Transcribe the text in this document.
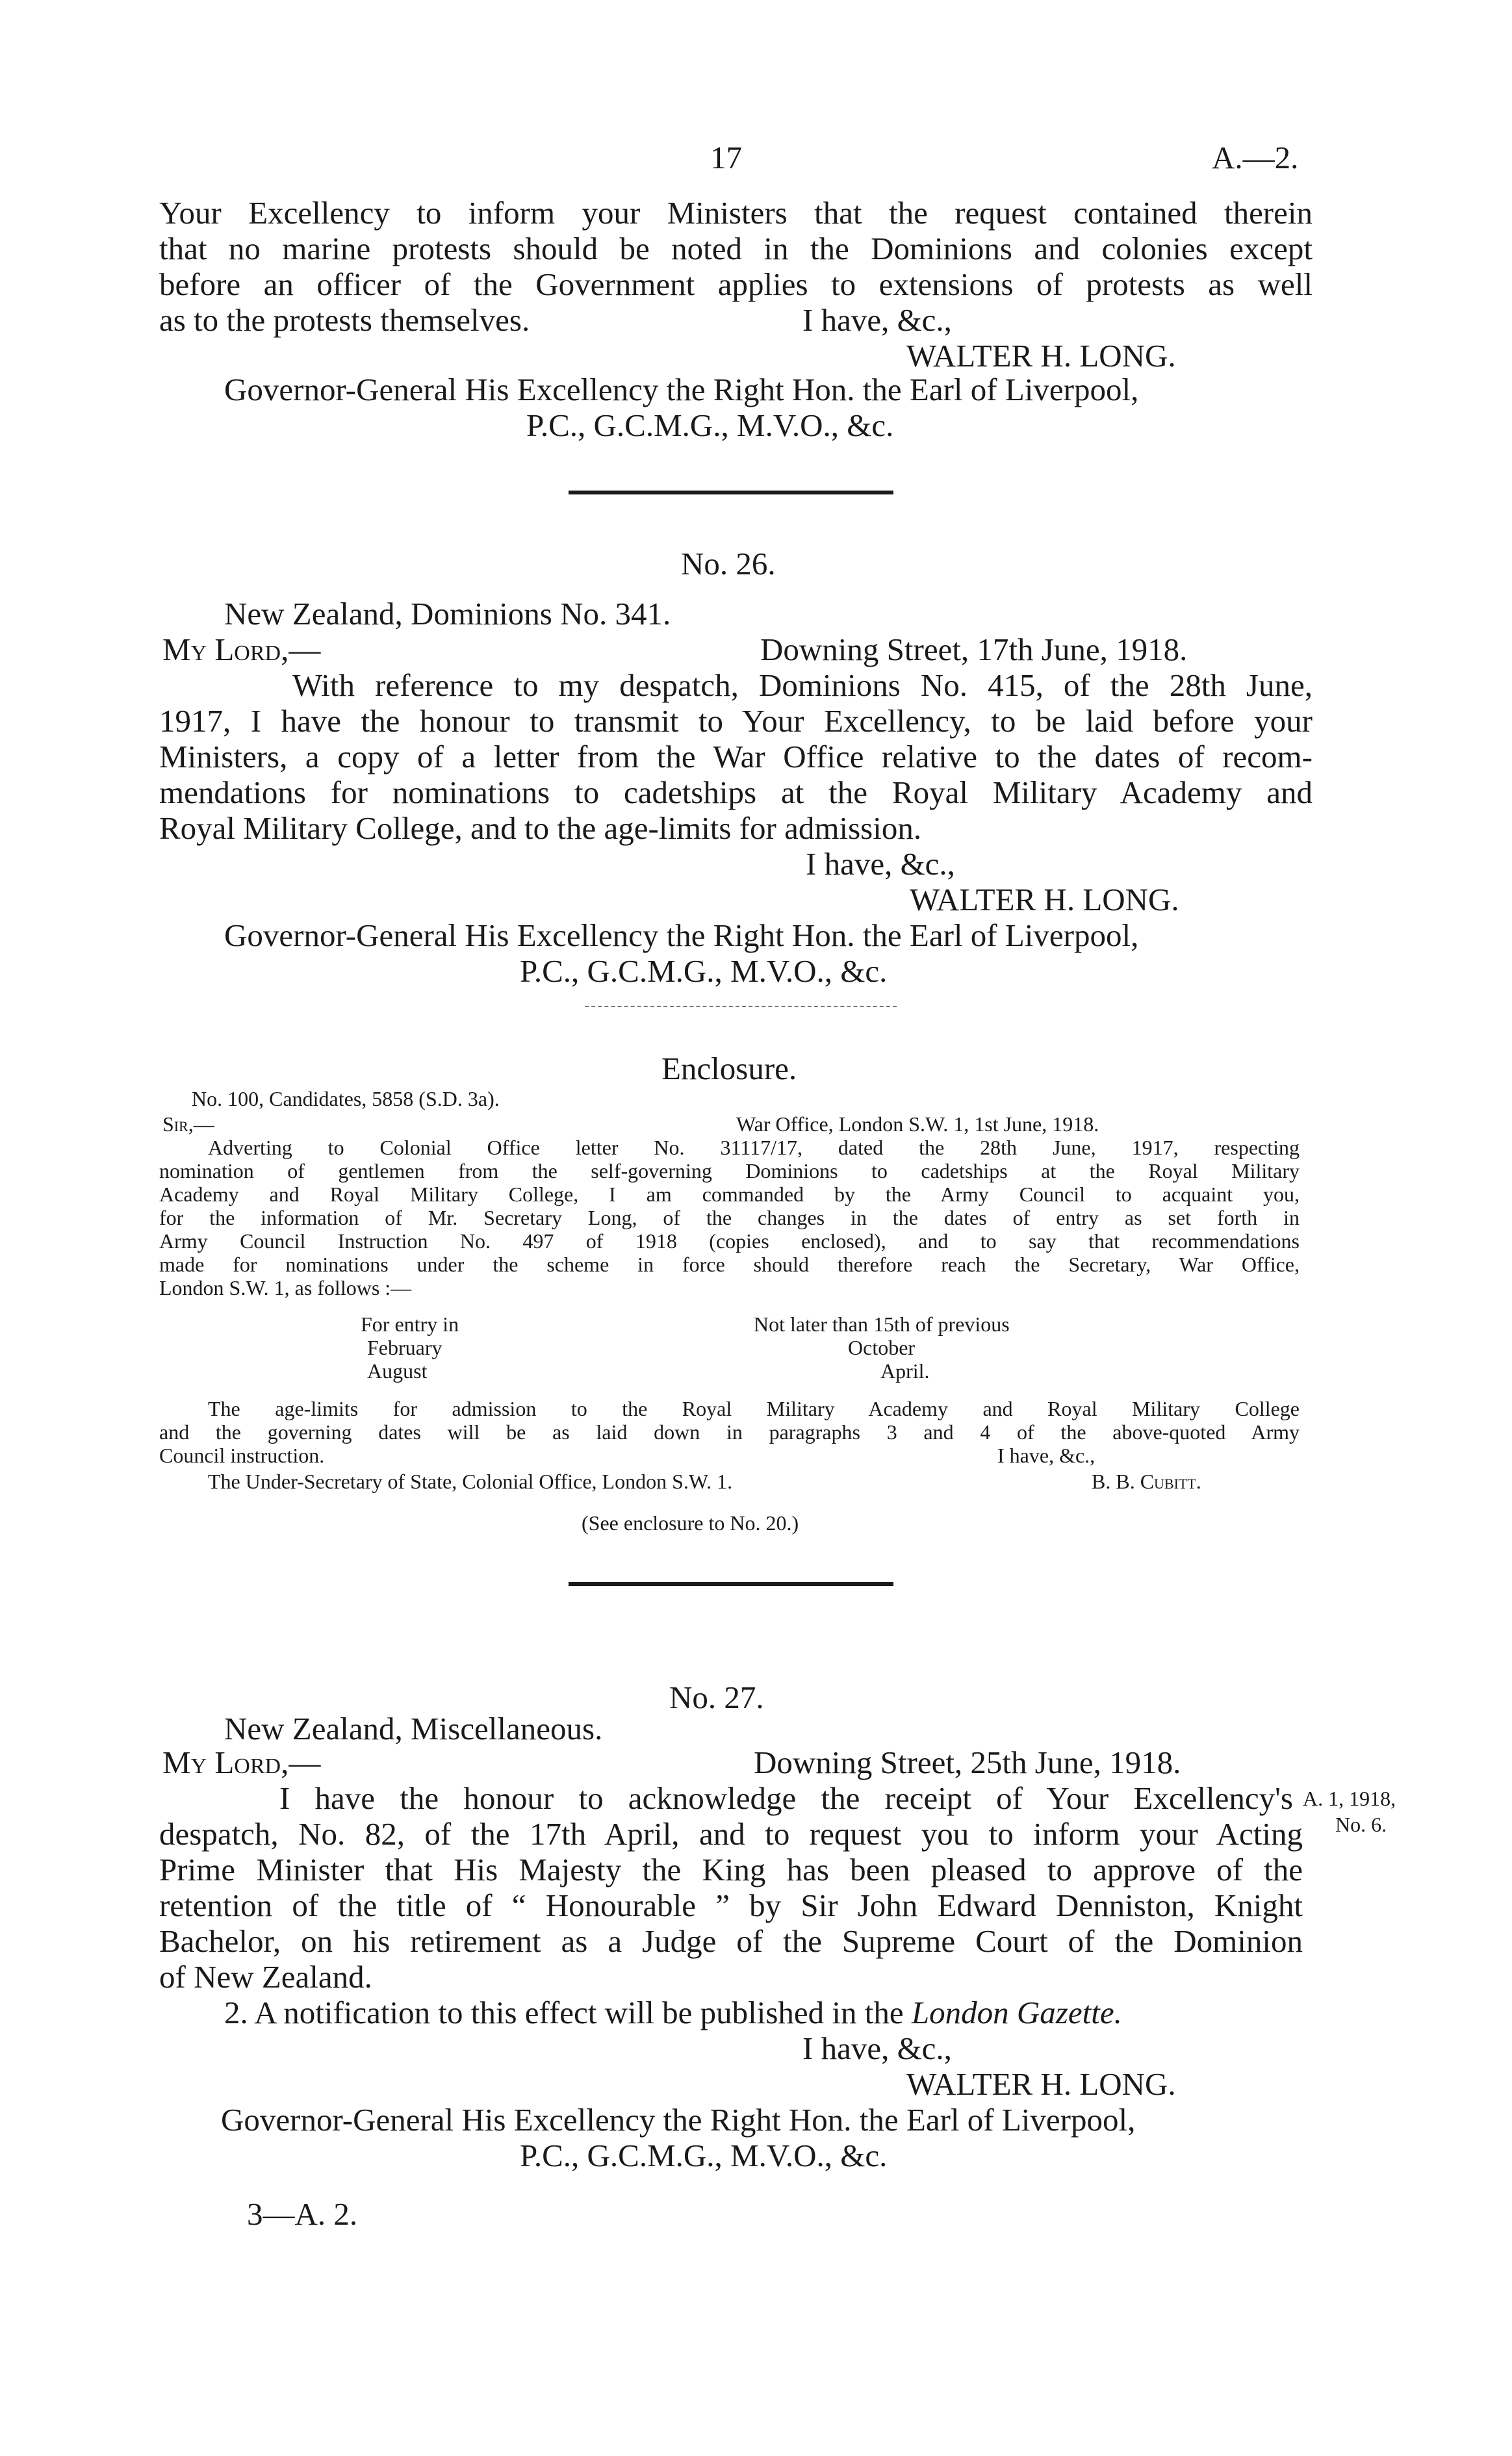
17	A.—2.
Your Excellency to inform your Ministers that the request contained therein
that no marine protests should be noted in the Dominions and colonies except
before an officer of the Government applies to extensions of protests as well
as to the protests themselves.	I have, &c.,
WALTER H. LONG.
Governor-General His Excellency the Right Hon. the Earl of Liverpool,
P.C., G.C.M.G., M.V.O., &c.
No. 26.
New Zealand, Dominions No. 341.
My Lord,—	Downing Street, 17th June, 1918.
With reference to my despatch, Dominions No. 415, of the 28th June,
1917, I have the honour to transmit to Your Excellency, to be laid before your
Ministers, a copy of a letter from the War Office relative to the dates of recom-
mendations for nominations to cadetships at the Royal Military Academy and
Royal Military College, and to the age-limits for admission.
I have, &c.,
WALTER H. LONG.
Governor-General His Excellency the Right Hon. the Earl of Liverpool,
P.C., G.C.M.G., M.V.O., &c.
Enclosure.
No. 100, Candidates, 5858 (S.D. 3a).
Sir,—	War Office, London S.W. 1, 1st June, 1918.
Adverting to Colonial Office letter No. 31117/17, dated the 28th June, 1917, respecting
nomination of gentlemen from the self-governing Dominions to cadetships at the Royal Military
Academy and Royal Military College, I am commanded by the Army Council to acquaint you,
for the information of Mr. Secretary Long, of the changes in the dates of entry as set forth in
Army Council Instruction No. 497 of 1918 (copies enclosed), and to say that recommendations
made for nominations under the scheme in force should therefore reach the Secretary, War Office,
London S.W. 1, as follows :—
For entry in	Not later than 15th of previous
February	October
August	April.
The age-limits for admission to the Royal Military Academy and Royal Military College
and the governing dates will be as laid down in paragraphs 3 and 4 of the above-quoted Army
Council instruction.	I have, &c.,
The Under-Secretary of State, Colonial Office, London S.W. 1.	B. B. Cubitt.
(See enclosure to No. 20.)
No. 27.
New Zealand, Miscellaneous.
My Lord,—	Downing Street, 25th June, 1918.
I have the honour to acknowledge the receipt of Your Excellency's A. 1, 1918,
No. 6.
despatch, No. 82, of the 17th April, and to request you to inform your Acting
Prime Minister that His Majesty the King has been pleased to approve of the
retention of the title of “ Honourable ” by Sir John Edward Denniston, Knight
Bachelor, on his retirement as a Judge of the Supreme Court of the Dominion
of New Zealand.
2. A notification to this effect will be published in the London Gazette.
I have, &c.,
WALTER H. LONG.
Governor-General His Excellency the Right Hon. the Earl of Liverpool,
P.C., G.C.M.G., M.V.O., &c.
3—A. 2.
